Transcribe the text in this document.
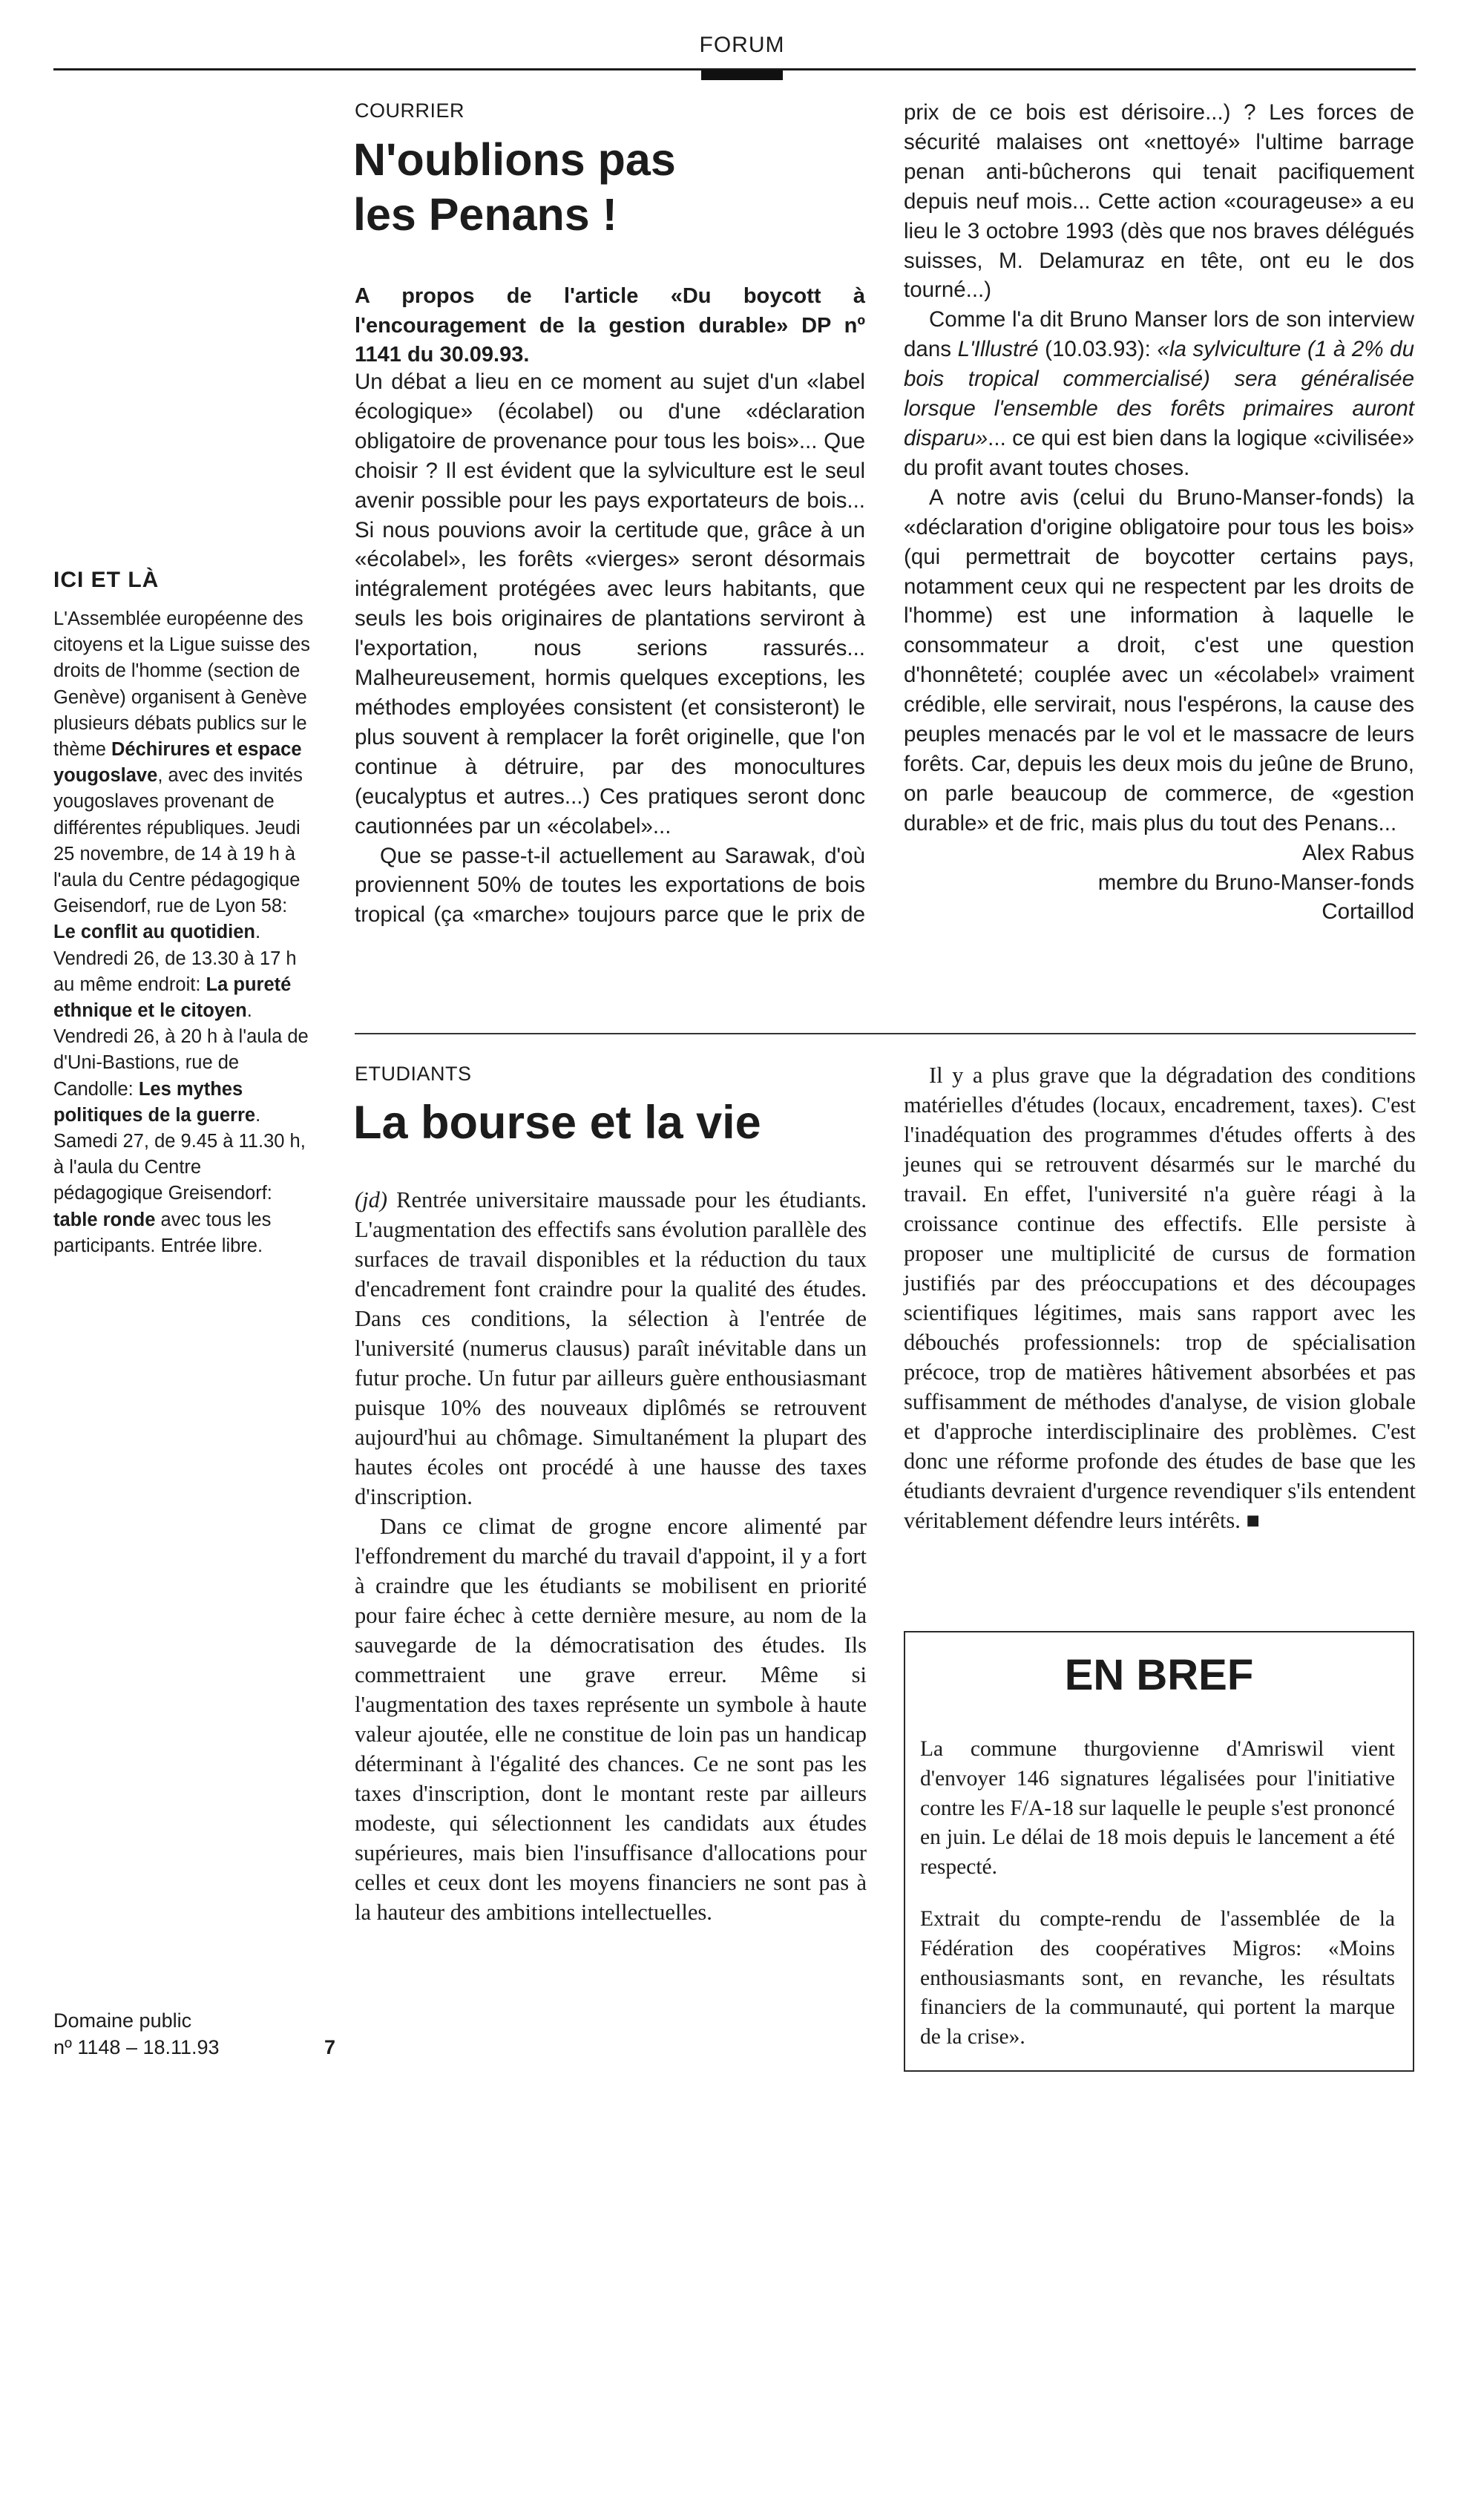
FORUM
ICI ET LÀ

L'Assemblée européenne des citoyens et la Ligue suisse des droits de l'homme (section de Genève) organisent à Genève plusieurs débats publics sur le thème Déchirures et espace yougoslave, avec des invités yougoslaves provenant de différentes républiques. Jeudi 25 novembre, de 14 à 19 h à l'aula du Centre pédagogique Geisendorf, rue de Lyon 58: Le conflit au quotidien. Vendredi 26, de 13.30 à 17 h au même endroit: La pureté ethnique et le citoyen. Vendredi 26, à 20 h à l'aula de d'Uni-Bastions, rue de Candolle: Les mythes politiques de la guerre. Samedi 27, de 9.45 à 11.30 h, à l'aula du Centre pédagogique Greisendorf: table ronde avec tous les participants. Entrée libre.

Domaine public
nº 1148 – 18.11.93	7
COURRIER
N'oublions pas
les Penans !

A propos de l'article «Du boycott à l'encouragement de la gestion durable» DP nº 1141 du 30.09.93.

Un débat a lieu en ce moment au sujet d'un «label écologique» (écolabel) ou d'une «déclaration obligatoire de provenance pour tous les bois»... Que choisir ? Il est évident que la sylviculture est le seul avenir possible pour les pays exportateurs de bois... Si nous pouvions avoir la certitude que, grâce à un «écolabel», les forêts «vierges» seront désormais intégralement protégées avec leurs habitants, que seuls les bois originaires de plantations serviront à l'exportation, nous serions rassurés... Malheureusement, hormis quelques exceptions, les méthodes employées consistent (et consisteront) le plus souvent à remplacer la forêt originelle, que l'on continue à détruire, par des monocultures (eucalyptus et autres...) Ces pratiques seront donc cautionnées par un «écolabel»...

Que se passe-t-il actuellement au Sarawak, d'où proviennent 50% de toutes les exportations de bois tropical (ça «marche» toujours parce que le prix de

prix de ce bois est dérisoire...) ? Les forces de sécurité malaises ont «nettoyé» l'ultime barrage penan anti-bûcherons qui tenait pacifiquement depuis neuf mois... Cette action «courageuse» a eu lieu le 3 octobre 1993 (dès que nos braves délégués suisses, M. Delamuraz en tête, ont eu le dos tourné...)

Comme l'a dit Bruno Manser lors de son interview dans L'Illustré (10.03.93): «la sylviculture (1 à 2% du bois tropical commercialisé) sera généralisée lorsque l'ensemble des forêts primaires auront disparu»... ce qui est bien dans la logique «civilisée» du profit avant toutes choses.

A notre avis (celui du Bruno-Manser-fonds) la «déclaration d'origine obligatoire pour tous les bois» (qui permettrait de boycotter certains pays, notamment ceux qui ne respectent par les droits de l'homme) est une information à laquelle le consommateur a droit, c'est une question d'honnêteté; couplée avec un «écolabel» vraiment crédible, elle servirait, nous l'espérons, la cause des peuples menacés par le vol et le massacre de leurs forêts. Car, depuis les deux mois du jeûne de Bruno, on parle beaucoup de commerce, de «gestion durable» et de fric, mais plus du tout des Penans...

Alex Rabus

membre du Bruno-Manser-fonds

Cortaillod

ETUDIANTS
La bourse et la vie

(jd) Rentrée universitaire maussade pour les étudiants. L'augmentation des effectifs sans évolution parallèle des surfaces de travail disponibles et la réduction du taux d'encadrement font craindre pour la qualité des études. Dans ces conditions, la sélection à l'entrée de l'université (numerus clausus) paraît inévitable dans un futur proche. Un futur par ailleurs guère enthousiasmant puisque 10% des nouveaux diplômés se retrouvent aujourd'hui au chômage. Simultanément la plupart des hautes écoles ont procédé à une hausse des taxes d'inscription.

Dans ce climat de grogne encore alimenté par l'effondrement du marché du travail d'appoint, il y a fort à craindre que les étudiants se mobilisent en priorité pour faire échec à cette dernière mesure, au nom de la sauvegarde de la démocratisation des études. Ils commettraient une grave erreur. Même si l'augmentation des taxes représente un symbole à haute valeur ajoutée, elle ne constitue de loin pas un handicap déterminant à l'égalité des chances. Ce ne sont pas les taxes d'inscription, dont le montant reste par ailleurs modeste, qui sélectionnent les candidats aux études supérieures, mais bien l'insuffisance d'allocations pour celles et ceux dont les moyens financiers ne sont pas à la hauteur des ambitions intellectuelles.

Il y a plus grave que la dégradation des conditions matérielles d'études (locaux, encadrement, taxes). C'est l'inadéquation des programmes d'études offerts à des jeunes qui se retrouvent désarmés sur le marché du travail. En effet, l'université n'a guère réagi à la croissance continue des effectifs. Elle persiste à proposer une multiplicité de cursus de formation justifiés par des préoccupations et des découpages scientifiques légitimes, mais sans rapport avec les débouchés professionnels: trop de spécialisation précoce, trop de matières hâtivement absorbées et pas suffisamment de méthodes d'analyse, de vision globale et d'approche interdisciplinaire des problèmes. C'est donc une réforme profonde des études de base que les étudiants devraient d'urgence revendiquer s'ils entendent véritablement défendre leurs intérêts. ■

EN BREF

La commune thurgovienne d'Amriswil vient d'envoyer 146 signatures légalisées pour l'initiative contre les F/A-18 sur laquelle le peuple s'est prononcé en juin. Le délai de 18 mois depuis le lancement a été respecté.

Extrait du compte-rendu de l'assemblée de la Fédération des coopératives Migros: «Moins enthousiasmants sont, en revanche, les résultats financiers de la communauté, qui portent la marque de la crise».
